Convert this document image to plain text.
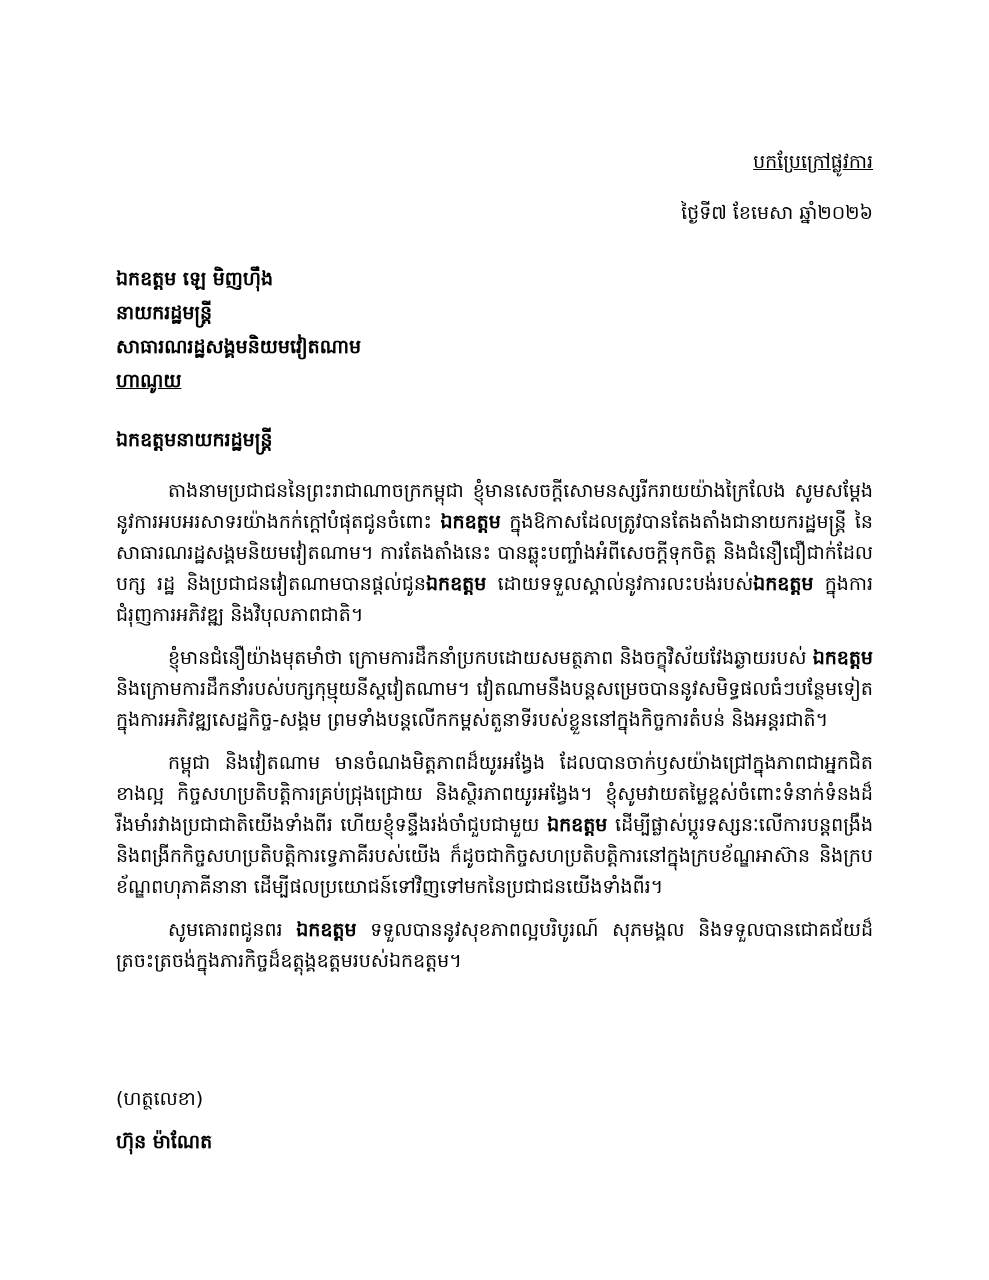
បកប្រែក្រៅផ្លូវការ
ថ្ងៃទី៧ ខែមេសា ឆ្នាំ២០២៦
ឯកឧត្តម ឡេ មិញហ៊ឹង
នាយករដ្ឋមន្ត្រី
សាធារណរដ្ឋសង្គមនិយមវៀតណាម
ហាណូយ
ឯកឧត្តមនាយករដ្ឋមន្ត្រី

តាងនាមប្រជាជននៃព្រះរាជាណាចក្រកម្ពុជា ខ្ញុំមានសេចក្តីសោមនស្សរីករាយយ៉ាងក្រៃលែង សូមសម្តែងនូវការអបអរសាទរយ៉ាងកក់ក្តៅបំផុតជូនចំពោះ ឯកឧត្តម ក្នុងឱកាសដែលត្រូវបានតែងតាំងជានាយករដ្ឋមន្ត្រី នៃសាធារណរដ្ឋសង្គមនិយមវៀតណាម។ ការតែងតាំងនេះ បានឆ្លុះបញ្ចាំងអំពីសេចក្តីទុកចិត្ត និងជំនឿជឿជាក់ដែលបក្ស រដ្ឋ និងប្រជាជនវៀតណាមបានផ្តល់ជូនឯកឧត្តម ដោយទទួលស្គាល់នូវការលះបង់របស់ឯកឧត្តម ក្នុងការជំរុញការអភិវឌ្ឍ និងវិបុលភាពជាតិ។

ខ្ញុំមានជំនឿយ៉ាងមុតមាំថា ក្រោមការដឹកនាំប្រកបដោយសមត្ថភាព និងចក្ខុវិស័យវែងឆ្ងាយរបស់ ឯកឧត្តម និងក្រោមការដឹកនាំរបស់បក្សកុម្មុយនីស្តវៀតណាម។ វៀតណាមនឹងបន្តសម្រេចបាននូវសមិទ្ធផលធំៗបន្ថែមទៀត ក្នុងការអភិវឌ្ឍសេដ្ឋកិច្ច-សង្គម ព្រមទាំងបន្តលើកកម្ពស់តួនាទីរបស់ខ្លួននៅក្នុងកិច្ចការតំបន់ និងអន្តរជាតិ។

កម្ពុជា និងវៀតណាម មានចំណងមិត្តភាពដ៏យូរអង្វែង ដែលបានចាក់ឫសយ៉ាងជ្រៅក្នុងភាពជាអ្នកជិតខាងល្អ កិច្ចសហប្រតិបត្តិការគ្រប់ជ្រុងជ្រោយ និងស្ថិរភាពយូរអង្វែង។ ខ្ញុំសូមវាយតម្លៃខ្ពស់ចំពោះទំនាក់ទំនងដ៏រឹងមាំរវាងប្រជាជាតិយើងទាំងពីរ ហើយខ្ញុំទន្ទឹងរង់ចាំជួបជាមួយ ឯកឧត្តម ដើម្បីផ្លាស់ប្តូរទស្សនៈលើការបន្តពង្រឹង និងពង្រីកកិច្ចសហប្រតិបត្តិការទ្វេភាគីរបស់យើង ក៏ដូចជាកិច្ចសហប្រតិបត្តិការនៅក្នុងក្របខ័ណ្ឌអាស៊ាន និងក្របខ័ណ្ឌពហុភាគីនានា ដើម្បីផលប្រយោជន៍ទៅវិញទៅមកនៃប្រជាជនយើងទាំងពីរ។

សូមគោរពជូនពរ ឯកឧត្តម ទទួលបាននូវសុខភាពល្អបរិបូរណ៍ សុភមង្គល និងទទួលបានជោគជ័យដ៏ត្រចះត្រចង់ក្នុងភារកិច្ចដ៏ឧត្តុង្គឧត្តមរបស់ឯកឧត្តម។

(ហត្ថលេខា)
ហ៊ុន ម៉ាណែត
